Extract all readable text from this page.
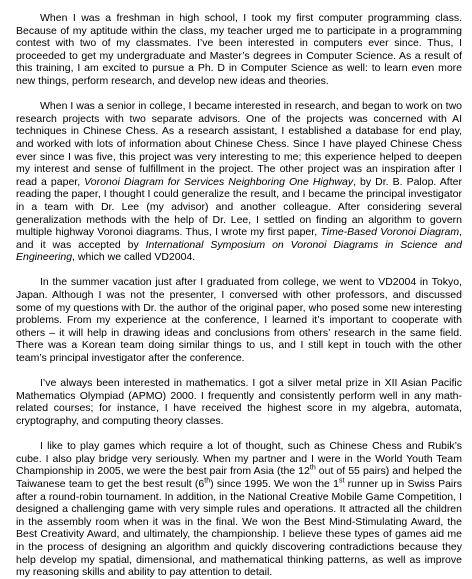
When I was a freshman in high school, I took my first computer programming class. Because of my aptitude within the class, my teacher urged me to participate in a programming contest with two of my classmates. I’ve been interested in computers ever since. Thus, I proceeded to get my undergraduate and Master’s degrees in Computer Science. As a result of this training, I am excited to pursue a Ph. D in Computer Science as well: to learn even more new things, perform research, and develop new ideas and theories.

When I was a senior in college, I became interested in research, and began to work on two research projects with two separate advisors. One of the projects was concerned with AI techniques in Chinese Chess. As a research assistant, I established a database for end play, and worked with lots of information about Chinese Chess. Since I have played Chinese Chess ever since I was five, this project was very interesting to me; this experience helped to deepen my interest and sense of fulfillment in the project. The other project was an inspiration after I read a paper, Voronoi Diagram for Services Neighboring One Highway, by Dr. B. Palop. After reading the paper, I thought I could generalize the result, and I became the principal investigator in a team with Dr. Lee (my advisor) and another colleague. After considering several generalization methods with the help of Dr. Lee, I settled on finding an algorithm to govern multiple highway Voronoi diagrams. Thus, I wrote my first paper, Time-Based Voronoi Diagram, and it was accepted by International Symposium on Voronoi Diagrams in Science and Engineering, which we called VD2004.

In the summer vacation just after I graduated from college, we went to VD2004 in Tokyo, Japan. Although I was not the presenter, I conversed with other professors, and discussed some of my questions with Dr. the author of the original paper, who posed some new interesting problems. From my experience at the conference, I learned it’s important to cooperate with others – it will help in drawing ideas and conclusions from others’ research in the same field. There was a Korean team doing similar things to us, and I still kept in touch with the other team’s principal investigator after the conference.

I’ve always been interested in mathematics. I got a silver metal prize in XII Asian Pacific Mathematics Olympiad (APMO) 2000. I frequently and consistently perform well in any math-related courses; for instance, I have received the highest score in my algebra, automata, cryptography, and computing theory classes.

I like to play games which require a lot of thought, such as Chinese Chess and Rubik’s cube. I also play bridge very seriously. When my partner and I were in the World Youth Team Championship in 2005, we were the best pair from Asia (the 12th out of 55 pairs) and helped the Taiwanese team to get the best result (6th) since 1995. We won the 1st runner up in Swiss Pairs after a round-robin tournament. In addition, in the National Creative Mobile Game Competition, I designed a challenging game with very simple rules and operations. It attracted all the children in the assembly room when it was in the final. We won the Best Mind-Stimulating Award, the Best Creativity Award, and ultimately, the championship. I believe these types of games aid me in the process of designing an algorithm and quickly discovering contradictions because they help develop my spatial, dimensional, and mathematical thinking patterns, as well as improve my reasoning skills and ability to pay attention to detail.
